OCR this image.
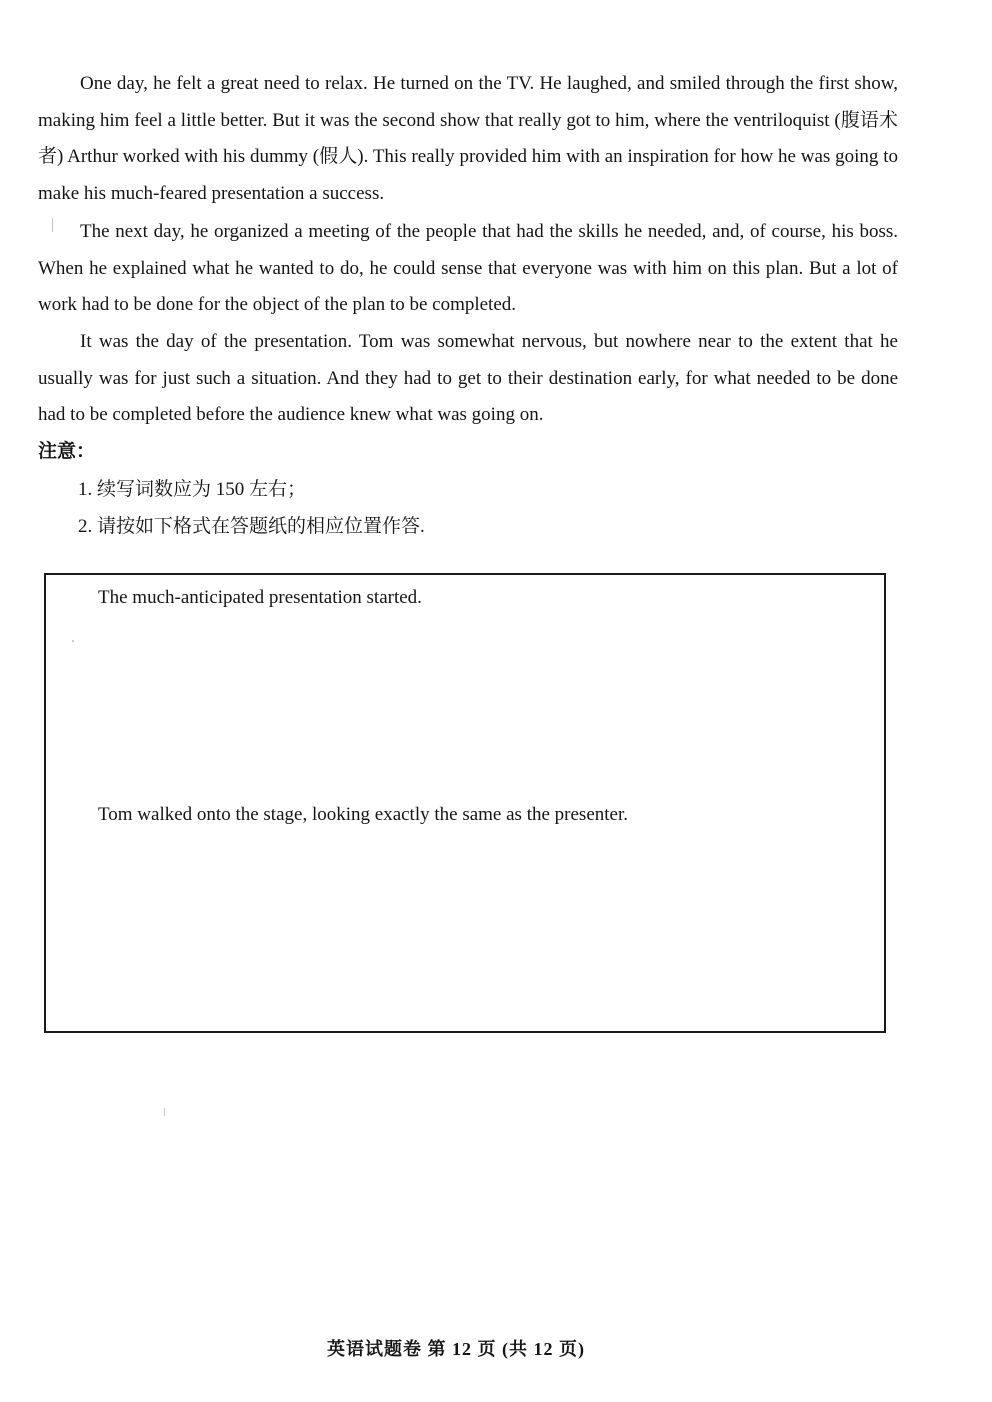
One day, he felt a great need to relax. He turned on the TV. He laughed, and smiled through the first show, making him feel a little better. But it was the second show that really got to him, where the ventriloquist (腹语术者) Arthur worked with his dummy (假人). This really provided him with an inspiration for how he was going to make his much-feared presentation a success.

The next day, he organized a meeting of the people that had the skills he needed, and, of course, his boss. When he explained what he wanted to do, he could sense that everyone was with him on this plan. But a lot of work had to be done for the object of the plan to be completed.

It was the day of the presentation. Tom was somewhat nervous, but nowhere near to the extent that he usually was for just such a situation. And they had to get to their destination early, for what needed to be done had to be completed before the audience knew what was going on.

注意：

1. 续写词数应为 150 左右；

2. 请按如下格式在答题纸的相应位置作答.

The much-anticipated presentation started.

Tom walked onto the stage, looking exactly the same as the presenter.

英语试题卷 第 12 页 (共 12 页)
